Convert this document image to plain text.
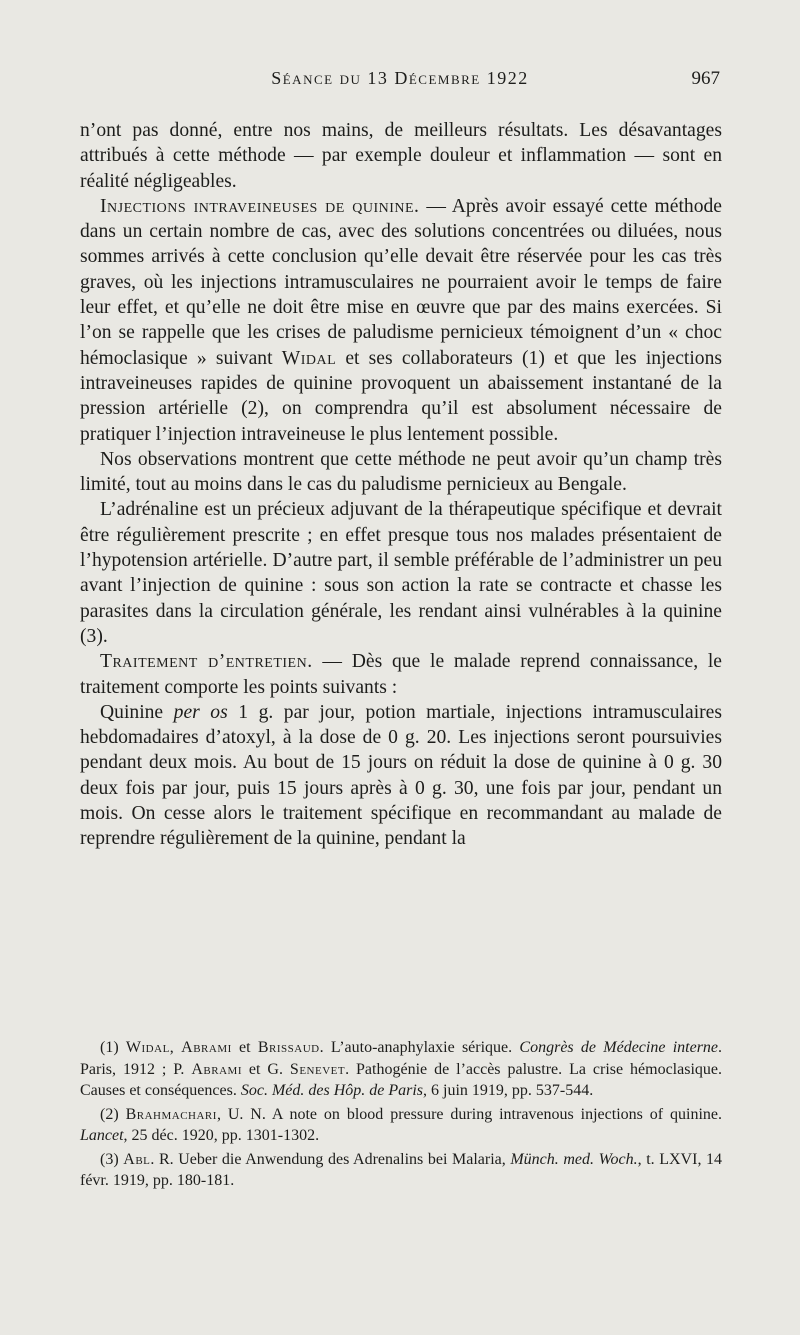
Séance du 13 Décembre 1922	967

n’ont pas donné, entre nos mains, de meilleurs résultats. Les désavantages attribués à cette méthode — par exemple douleur et inflammation — sont en réalité négligeables.

Injections intraveineuses de quinine. — Après avoir essayé cette méthode dans un certain nombre de cas, avec des solutions concentrées ou diluées, nous sommes arrivés à cette conclusion qu’elle devait être réservée pour les cas très graves, où les injections intramusculaires ne pourraient avoir le temps de faire leur effet, et qu’elle ne doit être mise en œuvre que par des mains exercées. Si l’on se rappelle que les crises de paludisme pernicieux témoignent d’un « choc hémoclasique » suivant Widal et ses collaborateurs (1) et que les injections intraveineuses rapides de quinine provoquent un abaissement instantané de la pression artérielle (2), on comprendra qu’il est absolument nécessaire de pratiquer l’injection intraveineuse le plus lentement possible.

Nos observations montrent que cette méthode ne peut avoir qu’un champ très limité, tout au moins dans le cas du paludisme pernicieux au Bengale.

L’adrénaline est un précieux adjuvant de la thérapeutique spécifique et devrait être régulièrement prescrite ; en effet presque tous nos malades présentaient de l’hypotension artérielle. D’autre part, il semble préférable de l’administrer un peu avant l’injection de quinine : sous son action la rate se contracte et chasse les parasites dans la circulation générale, les rendant ainsi vulnérables à la quinine (3).

Traitement d’entretien. — Dès que le malade reprend connaissance, le traitement comporte les points suivants :

Quinine per os 1 g. par jour, potion martiale, injections intramusculaires hebdomadaires d’atoxyl, à la dose de 0 g. 20. Les injections seront poursuivies pendant deux mois. Au bout de 15 jours on réduit la dose de quinine à 0 g. 30 deux fois par jour, puis 15 jours après à 0 g. 30, une fois par jour, pendant un mois. On cesse alors le traitement spécifique en recommandant au malade de reprendre régulièrement de la quinine, pendant la

(1) Widal, Abrami et Brissaud. L’auto-anaphylaxie sérique. Congrès de Médecine interne. Paris, 1912 ; P. Abrami et G. Senevet. Pathogénie de l’accès palustre. La crise hémoclasique. Causes et conséquences. Soc. Méd. des Hôp. de Paris, 6 juin 1919, pp. 537-544.

(2) Brahmachari, U. N. A note on blood pressure during intravenous injections of quinine. Lancet, 25 déc. 1920, pp. 1301-1302.

(3) Abl. R. Ueber die Anwendung des Adrenalins bei Malaria, Münch. med. Woch., t. LXVI, 14 févr. 1919, pp. 180-181.
